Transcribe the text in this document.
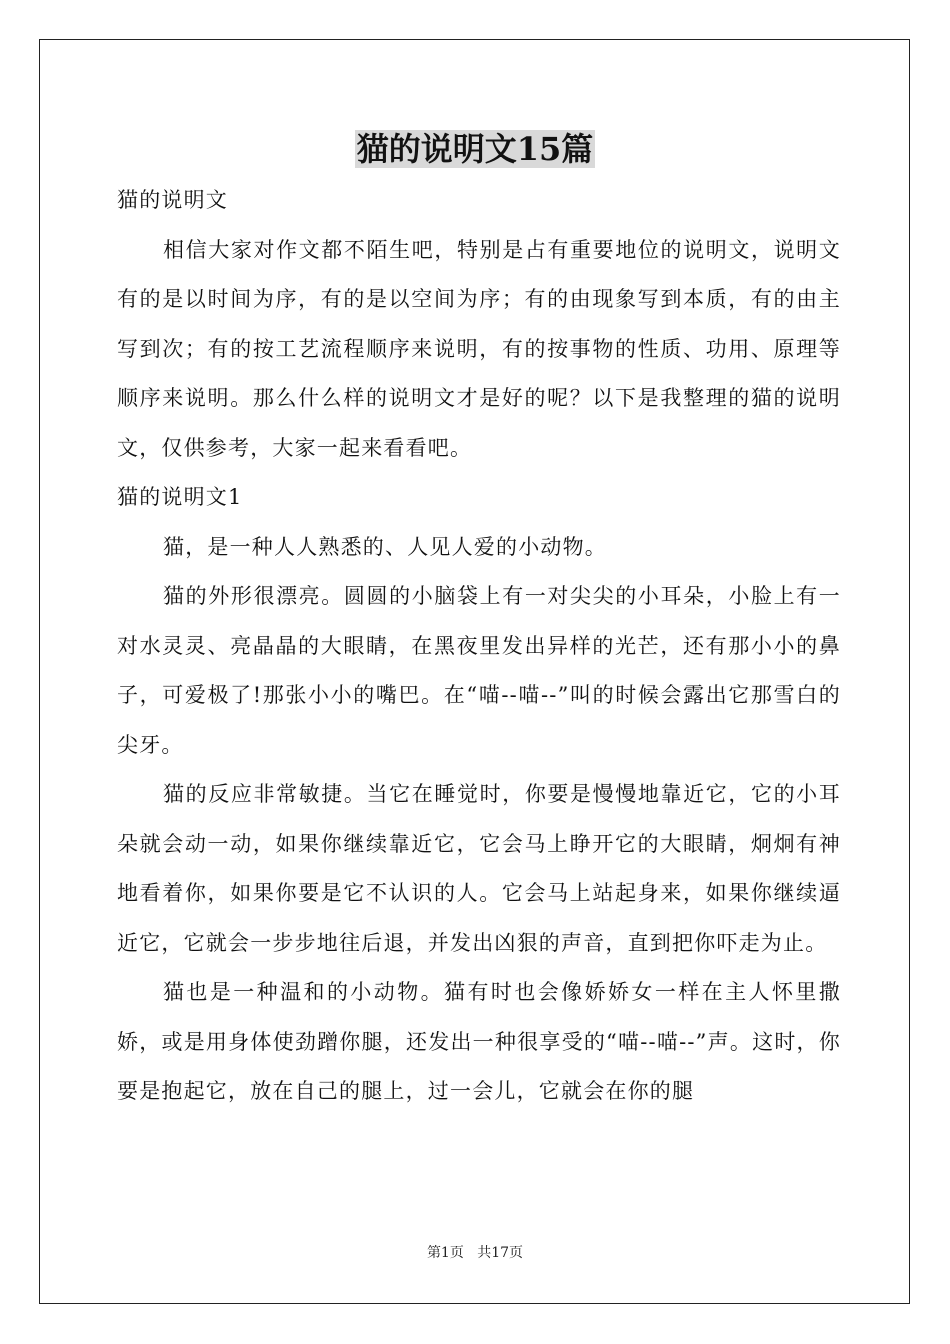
猫的说明文15篇

猫的说明文

相信大家对作文都不陌生吧，特别是占有重要地位的说明文，说明文有的是以时间为序，有的是以空间为序；有的由现象写到本质，有的由主写到次；有的按工艺流程顺序来说明，有的按事物的性质、功用、原理等顺序来说明。那么什么样的说明文才是好的呢？以下是我整理的猫的说明文，仅供参考，大家一起来看看吧。

猫的说明文1

猫，是一种人人熟悉的、人见人爱的小动物。

猫的外形很漂亮。圆圆的小脑袋上有一对尖尖的小耳朵，小脸上有一对水灵灵、亮晶晶的大眼睛，在黑夜里发出异样的光芒，还有那小小的鼻子，可爱极了!那张小小的嘴巴。在“喵--喵--”叫的时候会露出它那雪白的尖牙。

猫的反应非常敏捷。当它在睡觉时，你要是慢慢地靠近它，它的小耳朵就会动一动，如果你继续靠近它，它会马上睁开它的大眼睛，炯炯有神地看着你，如果你要是它不认识的人。它会马上站起身来，如果你继续逼近它，它就会一步步地往后退，并发出凶狠的声音，直到把你吓走为止。

猫也是一种温和的小动物。猫有时也会像娇娇女一样在主人怀里撒娇，或是用身体使劲蹭你腿，还发出一种很享受的“喵--喵--”声。这时，你要是抱起它，放在自己的腿上，过一会儿，它就会在你的腿

第1页 共17页
